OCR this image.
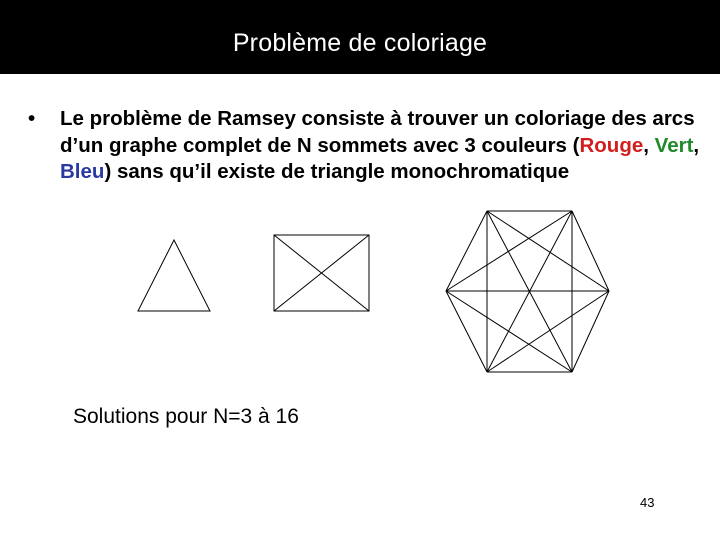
Problème de coloriage
•	Le problème de Ramsey consiste à trouver un coloriage des arcs d’un graphe complet de N sommets avec 3 couleurs (Rouge, Vert, Bleu) sans qu’il existe de triangle monochromatique
Solutions pour N=3 à 16
43
